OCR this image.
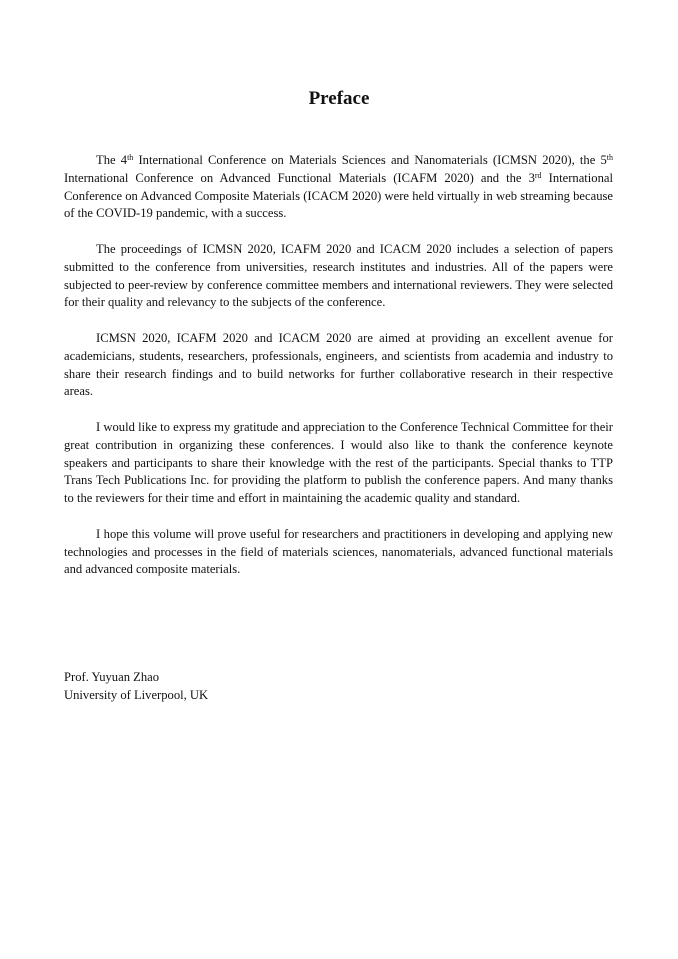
Preface

The 4th International Conference on Materials Sciences and Nanomaterials (ICMSN 2020), the 5th International Conference on Advanced Functional Materials (ICAFM 2020) and the 3rd International Conference on Advanced Composite Materials (ICACM 2020) were held virtually in web streaming because of the COVID-19 pandemic, with a success.

The proceedings of ICMSN 2020, ICAFM 2020 and ICACM 2020 includes a selection of papers submitted to the conference from universities, research institutes and industries. All of the papers were subjected to peer-review by conference committee members and international reviewers. They were selected for their quality and relevancy to the subjects of the conference.

ICMSN 2020, ICAFM 2020 and ICACM 2020 are aimed at providing an excellent avenue for academicians, students, researchers, professionals, engineers, and scientists from academia and industry to share their research findings and to build networks for further collaborative research in their respective areas.

I would like to express my gratitude and appreciation to the Conference Technical Committee for their great contribution in organizing these conferences. I would also like to thank the conference keynote speakers and participants to share their knowledge with the rest of the participants. Special thanks to TTP Trans Tech Publications Inc. for providing the platform to publish the conference papers. And many thanks to the reviewers for their time and effort in maintaining the academic quality and standard.

I hope this volume will prove useful for researchers and practitioners in developing and applying new technologies and processes in the field of materials sciences, nanomaterials, advanced functional materials and advanced composite materials.

Prof. Yuyuan Zhao
University of Liverpool, UK
